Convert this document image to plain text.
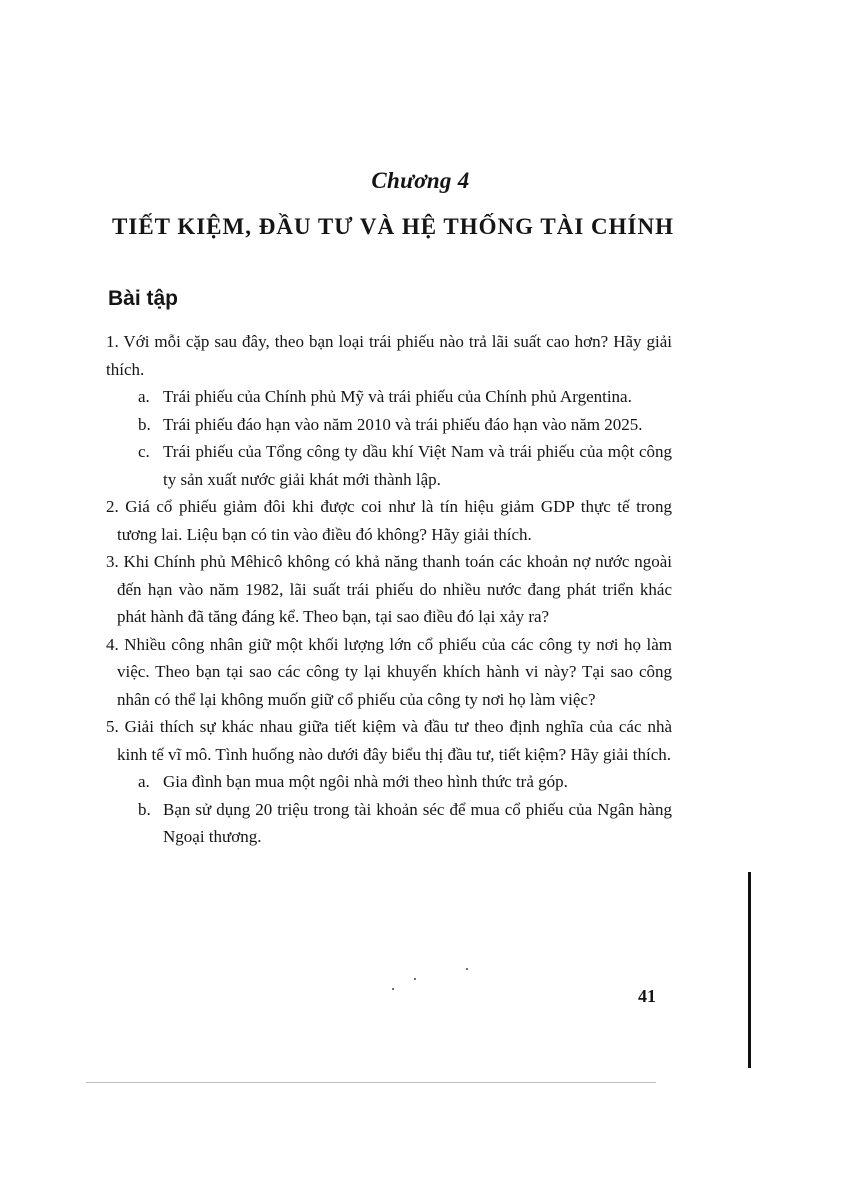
Chương 4
TIẾT KIỆM, ĐẦU TƯ VÀ HỆ THỐNG TÀI CHÍNH
Bài tập
1. Với mỗi cặp sau đây, theo bạn loại trái phiếu nào trả lãi suất cao hơn? Hãy giải thích.
a. Trái phiếu của Chính phủ Mỹ và trái phiếu của Chính phủ Argentina.
b. Trái phiếu đáo hạn vào năm 2010 và trái phiếu đáo hạn vào năm 2025.
c. Trái phiếu của Tổng công ty dầu khí Việt Nam và trái phiếu của một công ty sản xuất nước giải khát mới thành lập.
2. Giá cổ phiếu giảm đôi khi được coi như là tín hiệu giảm GDP thực tế trong tương lai. Liệu bạn có tin vào điều đó không? Hãy giải thích.
3. Khi Chính phủ Mêhicô không có khả năng thanh toán các khoản nợ nước ngoài đến hạn vào năm 1982, lãi suất trái phiếu do nhiều nước đang phát triển khác phát hành đã tăng đáng kể. Theo bạn, tại sao điều đó lại xảy ra?
4. Nhiều công nhân giữ một khối lượng lớn cổ phiếu của các công ty nơi họ làm việc. Theo bạn tại sao các công ty lại khuyến khích hành vi này? Tại sao công nhân có thể lại không muốn giữ cổ phiếu của công ty nơi họ làm việc?
5. Giải thích sự khác nhau giữa tiết kiệm và đầu tư theo định nghĩa của các nhà kinh tế vĩ mô. Tình huống nào dưới đây biểu thị đầu tư, tiết kiệm? Hãy giải thích.
a. Gia đình bạn mua một ngôi nhà mới theo hình thức trả góp.
b. Bạn sử dụng 20 triệu trong tài khoản séc để mua cổ phiếu của Ngân hàng Ngoại thương.
41
